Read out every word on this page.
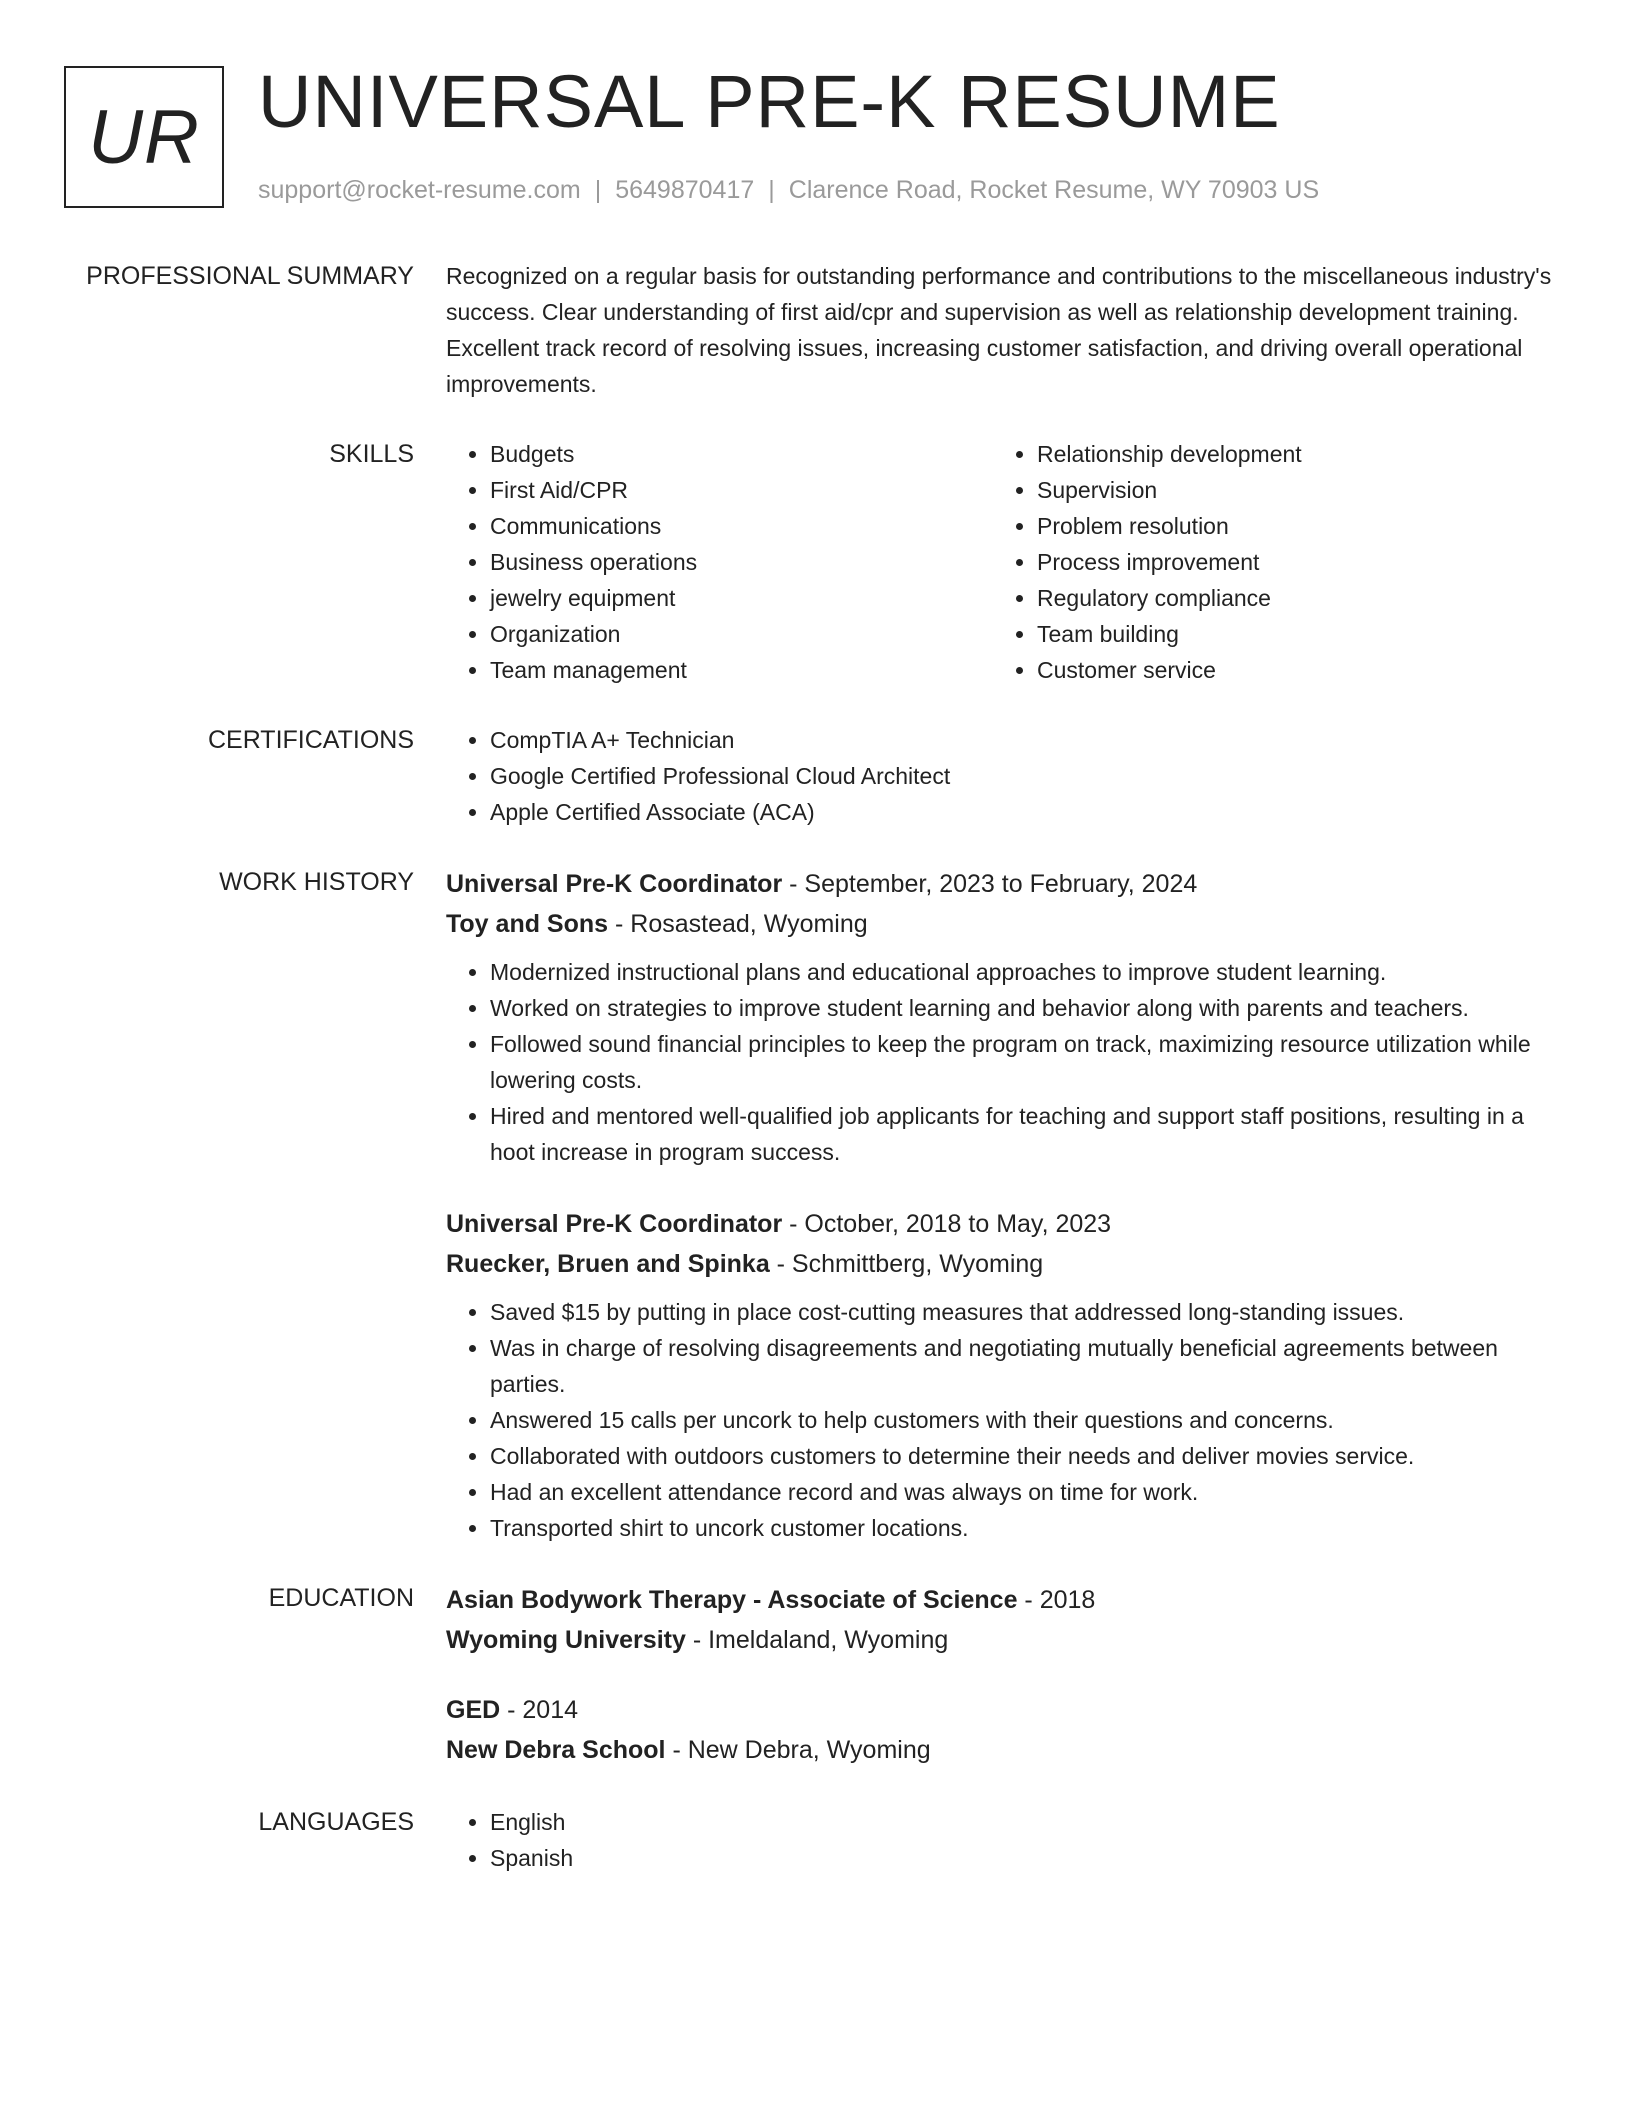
UR UNIVERSAL PRE-K RESUME
support@rocket-resume.com | 5649870417 | Clarence Road, Rocket Resume, WY 70903 US
PROFESSIONAL SUMMARY Recognized on a regular basis for outstanding performance and contributions to the miscellaneous industry's success. Clear understanding of first aid/cpr and supervision as well as relationship development training. Excellent track record of resolving issues, increasing customer satisfaction, and driving overall operational improvements.

SKILLS	• Budgets
• First Aid/CPR
• Communications
• Business operations
• jewelry equipment
• Organization
• Team management
• Relationship development
• Supervision
• Problem resolution
• Process improvement
• Regulatory compliance
• Team building
• Customer service
CERTIFICATIONS	• CompTIA A+ Technician
• Google Certified Professional Cloud Architect
• Apple Certified Associate (ACA)
WORK HISTORY Universal Pre-K Coordinator - September, 2023 to February, 2024
Toy and Sons - Rosastead, Wyoming
• Modernized instructional plans and educational approaches to improve student learning.
• Worked on strategies to improve student learning and behavior along with parents and teachers.
• Followed sound financial principles to keep the program on track, maximizing resource utilization while lowering costs.
• Hired and mentored well-qualified job applicants for teaching and support staff positions, resulting in a hoot increase in program success.
Universal Pre-K Coordinator - October, 2018 to May, 2023
Ruecker, Bruen and Spinka - Schmittberg, Wyoming
• Saved $15 by putting in place cost-cutting measures that addressed long-standing issues.
• Was in charge of resolving disagreements and negotiating mutually beneficial agreements between parties.
• Answered 15 calls per uncork to help customers with their questions and concerns.
• Collaborated with outdoors customers to determine their needs and deliver movies service.
• Had an excellent attendance record and was always on time for work.
• Transported shirt to uncork customer locations.
EDUCATION Asian Bodywork Therapy - Associate of Science - 2018
Wyoming University - Imeldaland, Wyoming
GED - 2014
New Debra School - New Debra, Wyoming
LANGUAGES	• English
• Spanish
